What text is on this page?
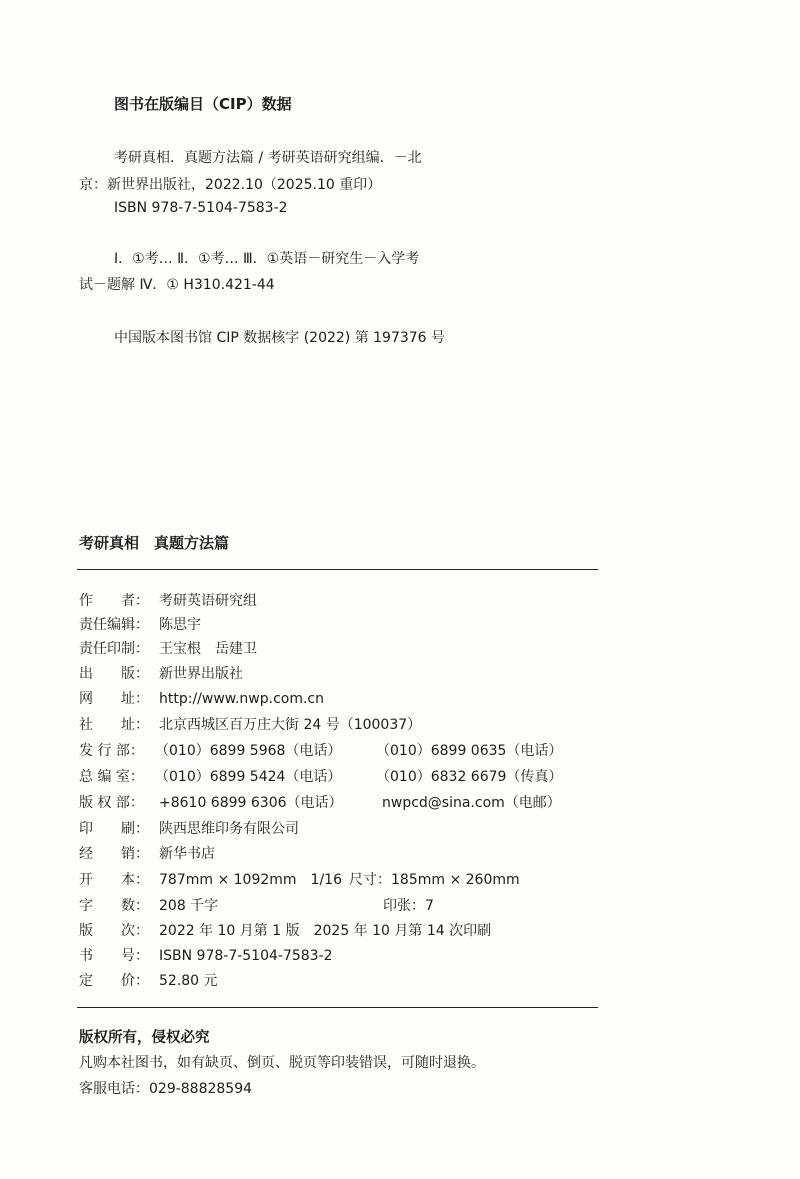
图书在版编目（CIP）数据
考研真相．真题方法篇 / 考研英语研究组编．－北
京：新世界出版社，2022.10（2025.10 重印）
ISBN 978-7-5104-7583-2
Ⅰ．①考… Ⅱ．①考… Ⅲ．①英语－研究生－入学考
试－题解 Ⅳ．① H310.421-44
中国版本图书馆 CIP 数据核字 (2022) 第 197376 号
考研真相　真题方法篇
作　　者： 考研英语研究组
责任编辑： 陈思宇
责任印制： 王宝根　岳建卫
出　　版： 新世界出版社
网　　址： http://www.nwp.com.cn
社　　址： 北京西城区百万庄大街 24 号（100037）
发 行 部： （010）6899 5968（电话） （010）6899 0635（电话）
总 编 室： （010）6899 5424（电话） （010）6832 6679（传真）
版 权 部：	+8610 6899 6306（电话）	nwpcd@sina.com（电邮）
印　　刷： 陕西思维印务有限公司
经　　销： 新华书店
开　　本： 787mm × 1092mm　1/16 尺寸：185mm × 260mm
字　　数： 208 千字	印张：7
版　　次： 2022 年 10 月第 1 版　2025 年 10 月第 14 次印刷
书　　号： ISBN 978-7-5104-7583-2
定　　价： 52.80 元
版权所有，侵权必究
凡购本社图书，如有缺页、倒页、脱页等印装错误，可随时退换。
客服电话：029-88828594
